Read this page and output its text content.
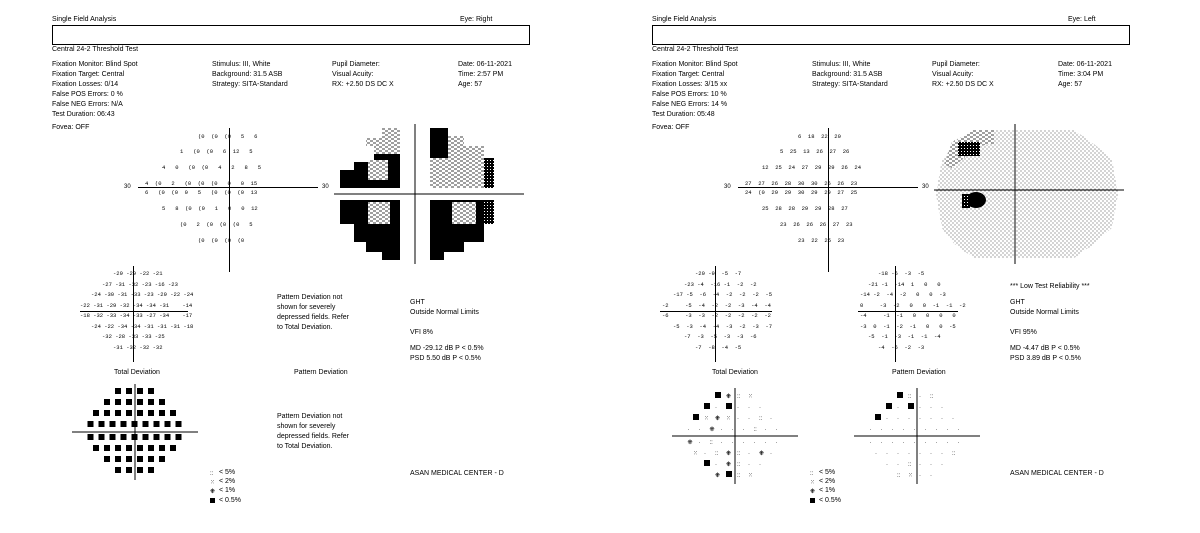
Single Field Analysis	Eye: Right
Central 24-2 Threshold Test
Fixation Monitor: Blind Spot
Fixation Target: Central
Fixation Losses: 0/14
False POS Errors: 0 %
False NEG Errors: N/A
Test Duration: 06:43
Stimulus: III, White
Background: 31.5 ASB
Strategy: SITA-Standard
Pupil Diameter:
Visual Acuity:
RX: +2.50 DS DC X
Date: 06-11-2021
Time: 2:57 PM
Age: 57
Fovea: OFF
30	30
(0  (0  (0   5   6
1   (0  (0   6  12   5
4   0   (0  (0   4   2   8   5
4  (0   2   (0  (0  (0   0   0  15
6   (0  (0  0   5   (0  (0  (0  13
5   8  (0  (0   1   0   0  12
(0   2  (0  (0  (0   5
(0  (0  (0  (0
-29 -29 -22 -21
-27 -31 -32 -23 -16 -23
-24 -30 -31 -33 -23 -29 -22 -24
-22 -31 -29 -32 -34 -34 -31    -14
-18 -32 -33 -34 -33 -27 -34    -17
-24 -22 -34 -34 -31 -31 -31 -18
-32 -28 -33 -33 -25
-31 -32 -32 -32
Pattern Deviation not
shown for severely
depressed fields. Refer
to Total Deviation.
GHT
Outside Normal Limits
VFI 8%
MD -29.12 dB P < 0.5%
PSD 5.50 dB P < 0.5%
Total Deviation	Pattern Deviation
Pattern Deviation not
shown for severely
depressed fields. Refer
to Total Deviation.
::
⁙
⁜
< 5%
< 2%
< 1%
< 0.5%
ASAN MEDICAL CENTER - D
Single Field Analysis	Eye: Left
Central 24-2 Threshold Test
Fixation Monitor: Blind Spot
Fixation Target: Central
Fixation Losses: 3/15 xx
False POS Errors: 10 %
False NEG Errors: 14 %
Test Duration: 05:48
Stimulus: III, White
Background: 31.5 ASB
Strategy: SITA-Standard
Pupil Diameter:
Visual Acuity:
RX: +2.50 DS DC X
Date: 06-11-2021
Time: 3:04 PM
Age: 57
Fovea: OFF
30	30
6  18  22  20
5  25  13  26  27  26
12  25  24  27  29  29  26  24
27  27  26  28  30  30  26  26  23
24  (0  29  29  30  29  29  27  25
25  28  28  29  29  28  27
23  26  26  26  27  23
23  22  25  23
-20 -9  -5  -7
-23 -4  -16 -1  -2  -2
-17 -5  -6  -4  -2  -2  -2  -5
-2     -5  -4  -2  -2  -3  -4  -4
-6     -3  -3  -2  -2  -2  -2  -2
-5  -3  -4  -4  -3  -2  -3  -7
-7  -3  -5  -3  -3  -6
-7  -8  -4  -5
-18 -6  -3  -5
-21 -1  -14  1   0   0
-14 -2  -4  -2   0   0  -3
0     -3  -2   0   0  -1  -1  -2
-4     -1  -1   0   0   0   0
-3  0  -1  -2  -1   0   0  -5
-5  -1  -3  -1  -1  -4
-4  -6  -2  -3
*** Low Test Reliability ***
GHT
Outside Normal Limits
VFI 95%
MD -4.47 dB P < 0.5%
PSD 3.89 dB P < 0.5%
Total Deviation	Pattern Deviation
⁜ :: ⁙
·	· · ·
⁙ ⁜ ⁙ · · :: ·
· · ⁜ · · · :: · ·
⁜ · :: · · · · · ·
⁙ · :: ⁜ :: · ⁜ ·
· ⁜ :: · ·
⁜	:: ⁙
:: · ::
·	· · ·
· · · · · · ·
· · · · · · · · ·
· · · · · · · · ·
· · · · · · · ::
· · :: · · ·
:: ⁙ · ·
::
⁙
⁜
< 5%
< 2%
< 1%
< 0.5%
ASAN MEDICAL CENTER - D
